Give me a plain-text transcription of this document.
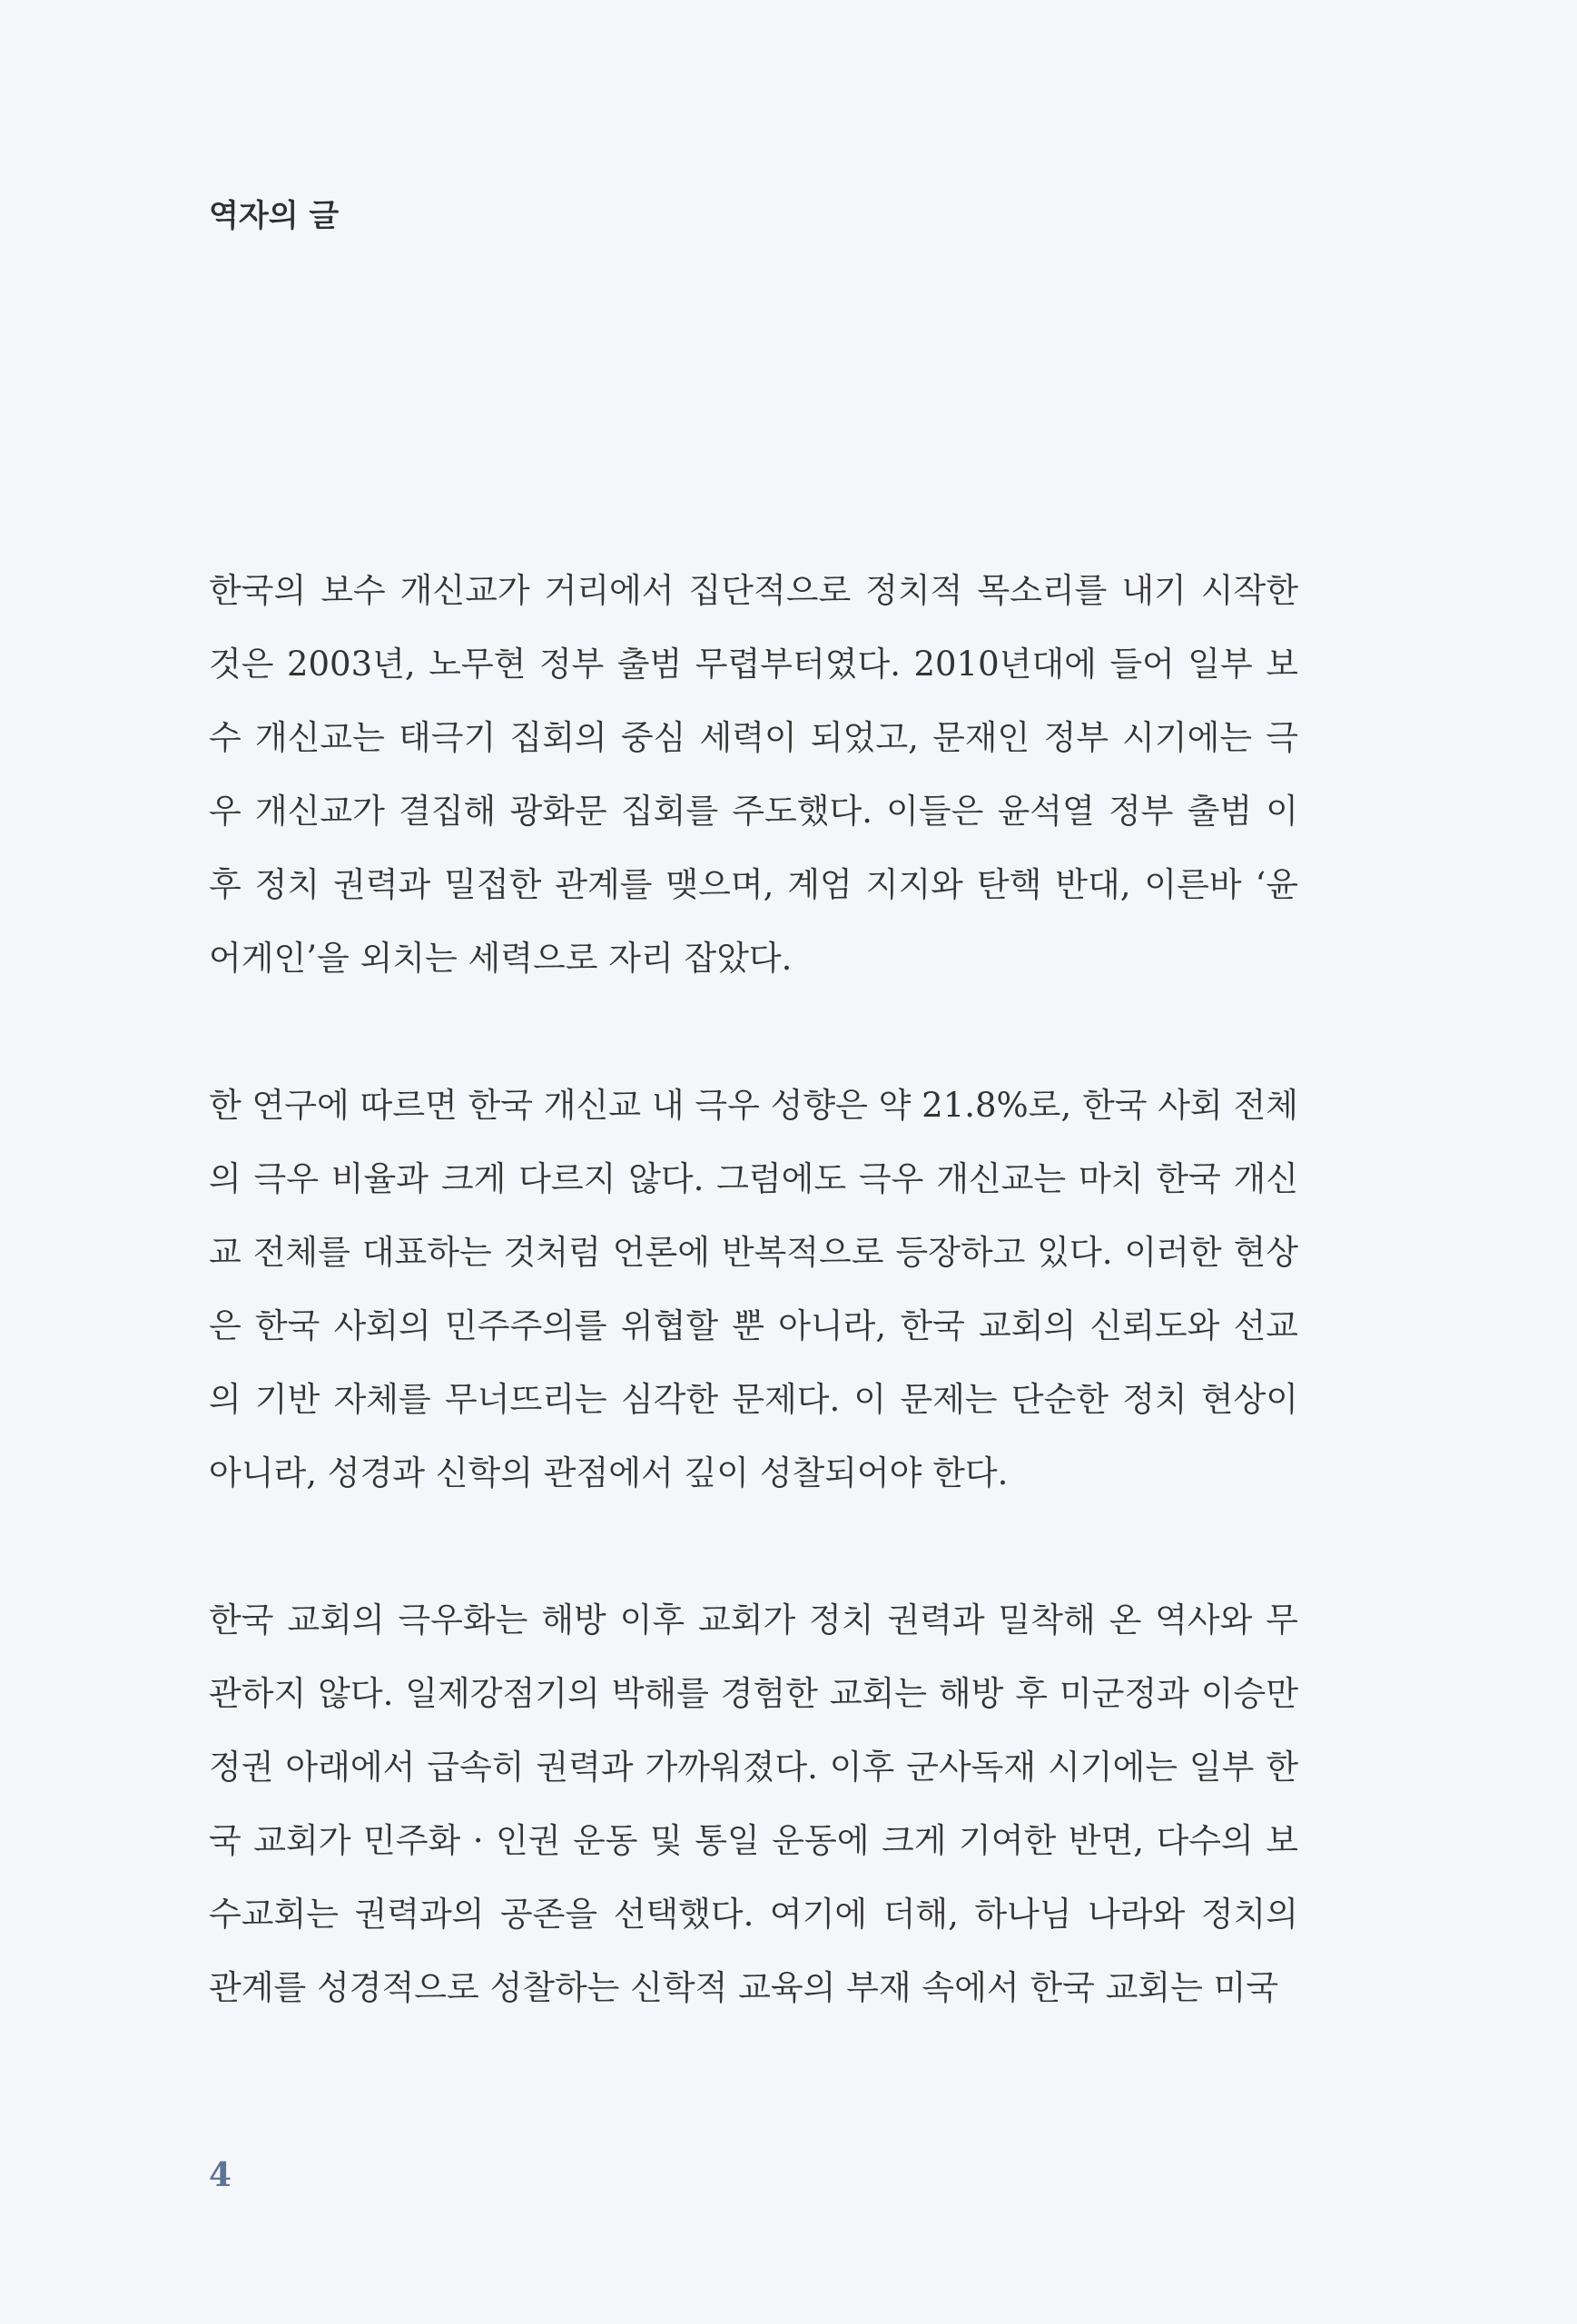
역자의 글

한국의 보수 개신교가 거리에서 집단적으로 정치적 목소리를 내기 시작한 것은 2003년, 노무현 정부 출범 무렵부터였다. 2010년대에 들어 일부 보수 개신교는 태극기 집회의 중심 세력이 되었고, 문재인 정부 시기에는 극우 개신교가 결집해 광화문 집회를 주도했다. 이들은 윤석열 정부 출범 이후 정치 권력과 밀접한 관계를 맺으며, 계엄 지지와 탄핵 반대, 이른바 ‘윤 어게인’을 외치는 세력으로 자리 잡았다.

한 연구에 따르면 한국 개신교 내 극우 성향은 약 21.8%로, 한국 사회 전체의 극우 비율과 크게 다르지 않다. 그럼에도 극우 개신교는 마치 한국 개신교 전체를 대표하는 것처럼 언론에 반복적으로 등장하고 있다. 이러한 현상은 한국 사회의 민주주의를 위협할 뿐 아니라, 한국 교회의 신뢰도와 선교의 기반 자체를 무너뜨리는 심각한 문제다. 이 문제는 단순한 정치 현상이 아니라, 성경과 신학의 관점에서 깊이 성찰되어야 한다.

한국 교회의 극우화는 해방 이후 교회가 정치 권력과 밀착해 온 역사와 무관하지 않다. 일제강점기의 박해를 경험한 교회는 해방 후 미군정과 이승만 정권 아래에서 급속히 권력과 가까워졌다. 이후 군사독재 시기에는 일부 한국 교회가 민주화 · 인권 운동 및 통일 운동에 크게 기여한 반면, 다수의 보수교회는 권력과의 공존을 선택했다. 여기에 더해, 하나님 나라와 정치의 관계를 성경적으로 성찰하는 신학적 교육의 부재 속에서 한국 교회는 미국

4
